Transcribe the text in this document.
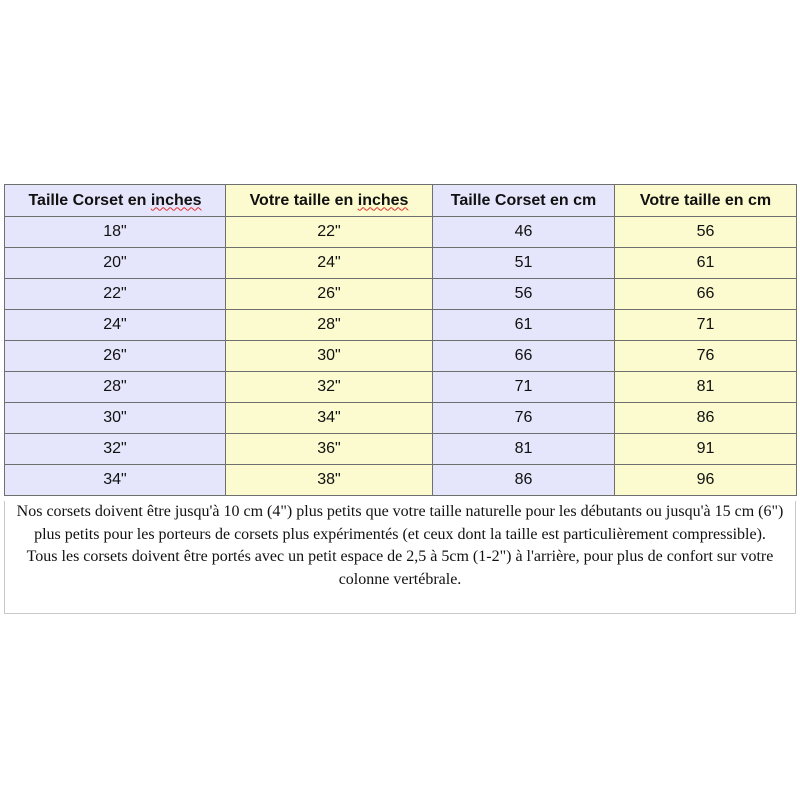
Taille Corset en inches	Votre taille en inches	Taille Corset en cm	Votre taille en cm
18"	22"	46	56
20"	24"	51	61
22"	26"	56	66
24"	28"	61	71
26"	30"	66	76
28"	32"	71	81
30"	34"	76	86
32"	36"	81	91
34"	38"	86	96

Nos corsets doivent être jusqu'à 10 cm (4") plus petits que votre taille naturelle pour les débutants ou jusqu'à 15 cm (6") plus petits pour les porteurs de corsets plus expérimentés (et ceux dont la taille est particulièrement compressible).

Tous les corsets doivent être portés avec un petit espace de 2,5 à 5cm (1-2") à l'arrière, pour plus de confort sur votre colonne vertébrale.
